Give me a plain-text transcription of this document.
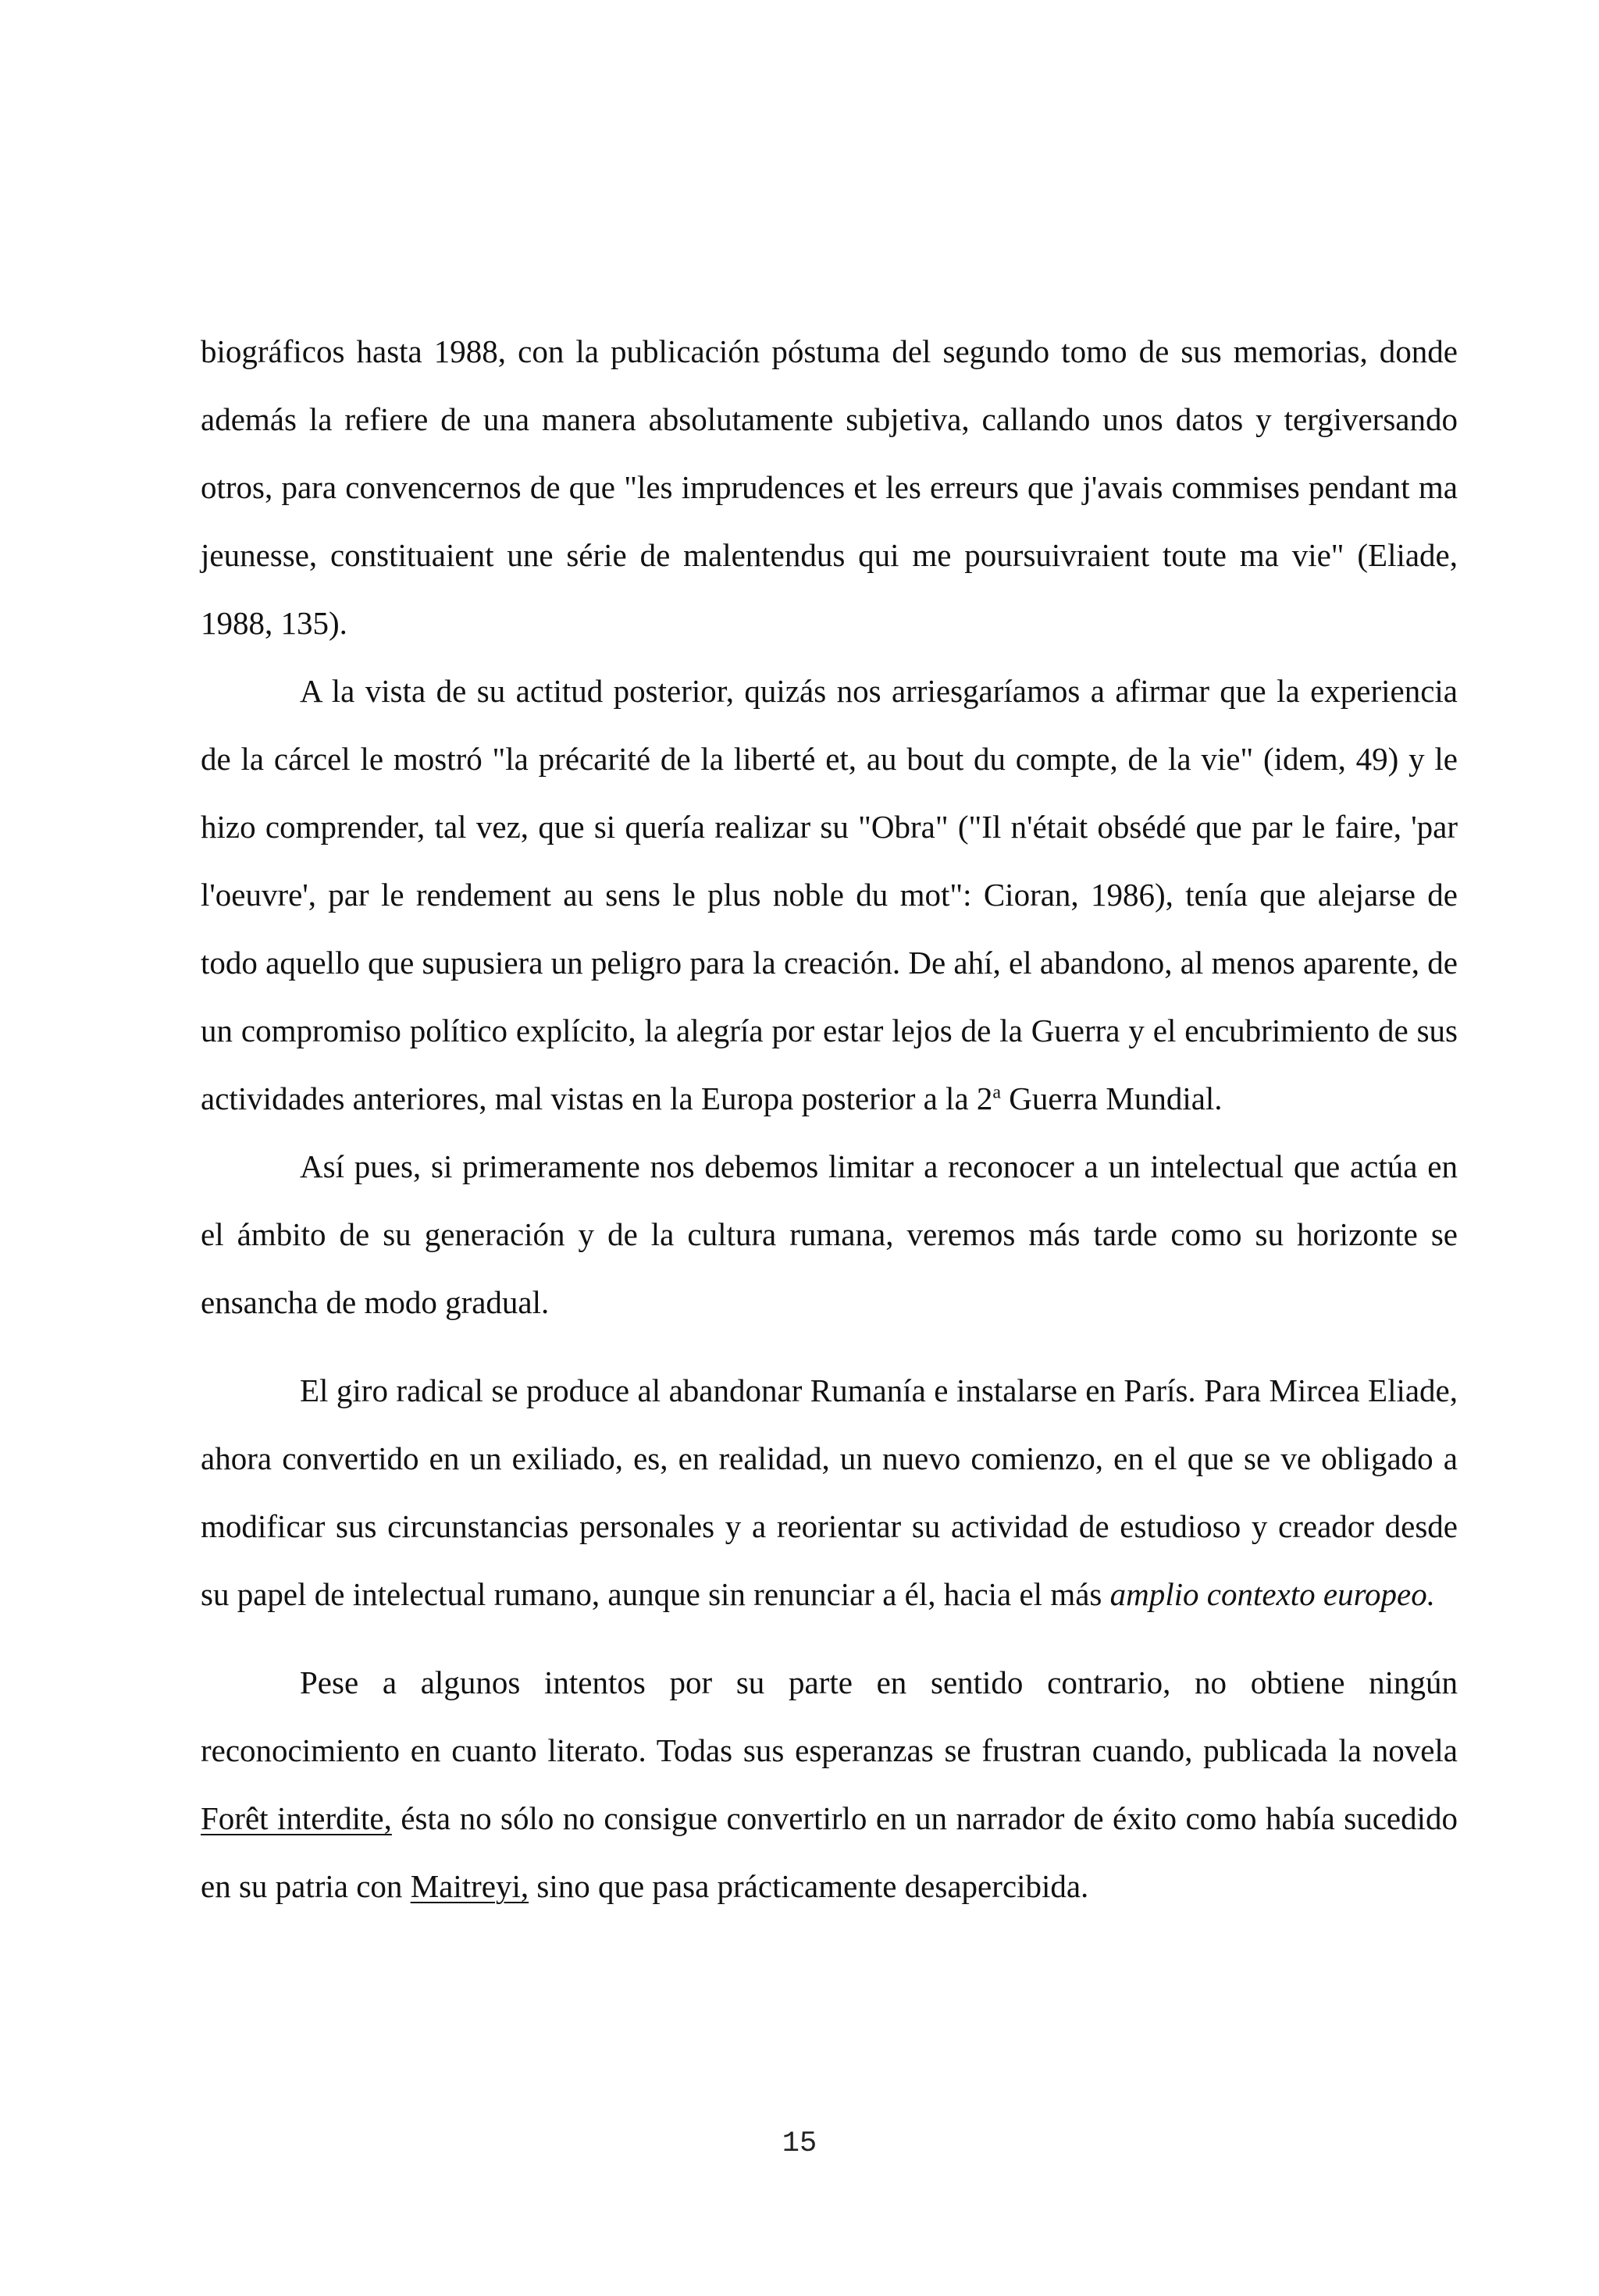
biográficos hasta 1988, con la publicación póstuma del segundo tomo de sus memorias, donde además la refiere de una manera absolutamente subjetiva, callando unos datos y tergiversando otros, para convencernos de que "les imprudences et les erreurs que j'avais commises pendant ma jeunesse, constituaient une série de malentendus qui me poursuivraient toute ma vie" (Eliade, 1988, 135).

A la vista de su actitud posterior, quizás nos arriesgaríamos a afirmar que la experiencia de la cárcel le mostró "la précarité de la liberté et, au bout du compte, de la vie" (idem, 49) y le hizo comprender, tal vez, que si quería realizar su "Obra" ("Il n'était obsédé que par le faire, 'par l'oeuvre', par le rendement au sens le plus noble du mot": Cioran, 1986), tenía que alejarse de todo aquello que supusiera un peligro para la creación. De ahí, el abandono, al menos aparente, de un compromiso político explícito, la alegría por estar lejos de la Guerra y el encubrimiento de sus actividades anteriores, mal vistas en la Europa posterior a la 2$^a$ Guerra Mundial.

Así pues, si primeramente nos debemos limitar a reconocer a un intelectual que actúa en el ámbito de su generación y de la cultura rumana, veremos más tarde como su horizonte se ensancha de modo gradual.

El giro radical se produce al abandonar Rumanía e instalarse en París. Para Mircea Eliade, ahora convertido en un exiliado, es, en realidad, un nuevo comienzo, en el que se ve obligado a modificar sus circunstancias personales y a reorientar su actividad de estudioso y creador desde su papel de intelectual rumano, aunque sin renunciar a él, hacia el más amplio contexto europeo.

Pese a algunos intentos por su parte en sentido contrario, no obtiene ningún reconocimiento en cuanto literato. Todas sus esperanzas se frustran cuando, publicada la novela Forêt interdite, ésta no sólo no consigue convertirlo en un narrador de éxito como había sucedido en su patria con Maitreyi, sino que pasa prácticamente desapercibida.

15
